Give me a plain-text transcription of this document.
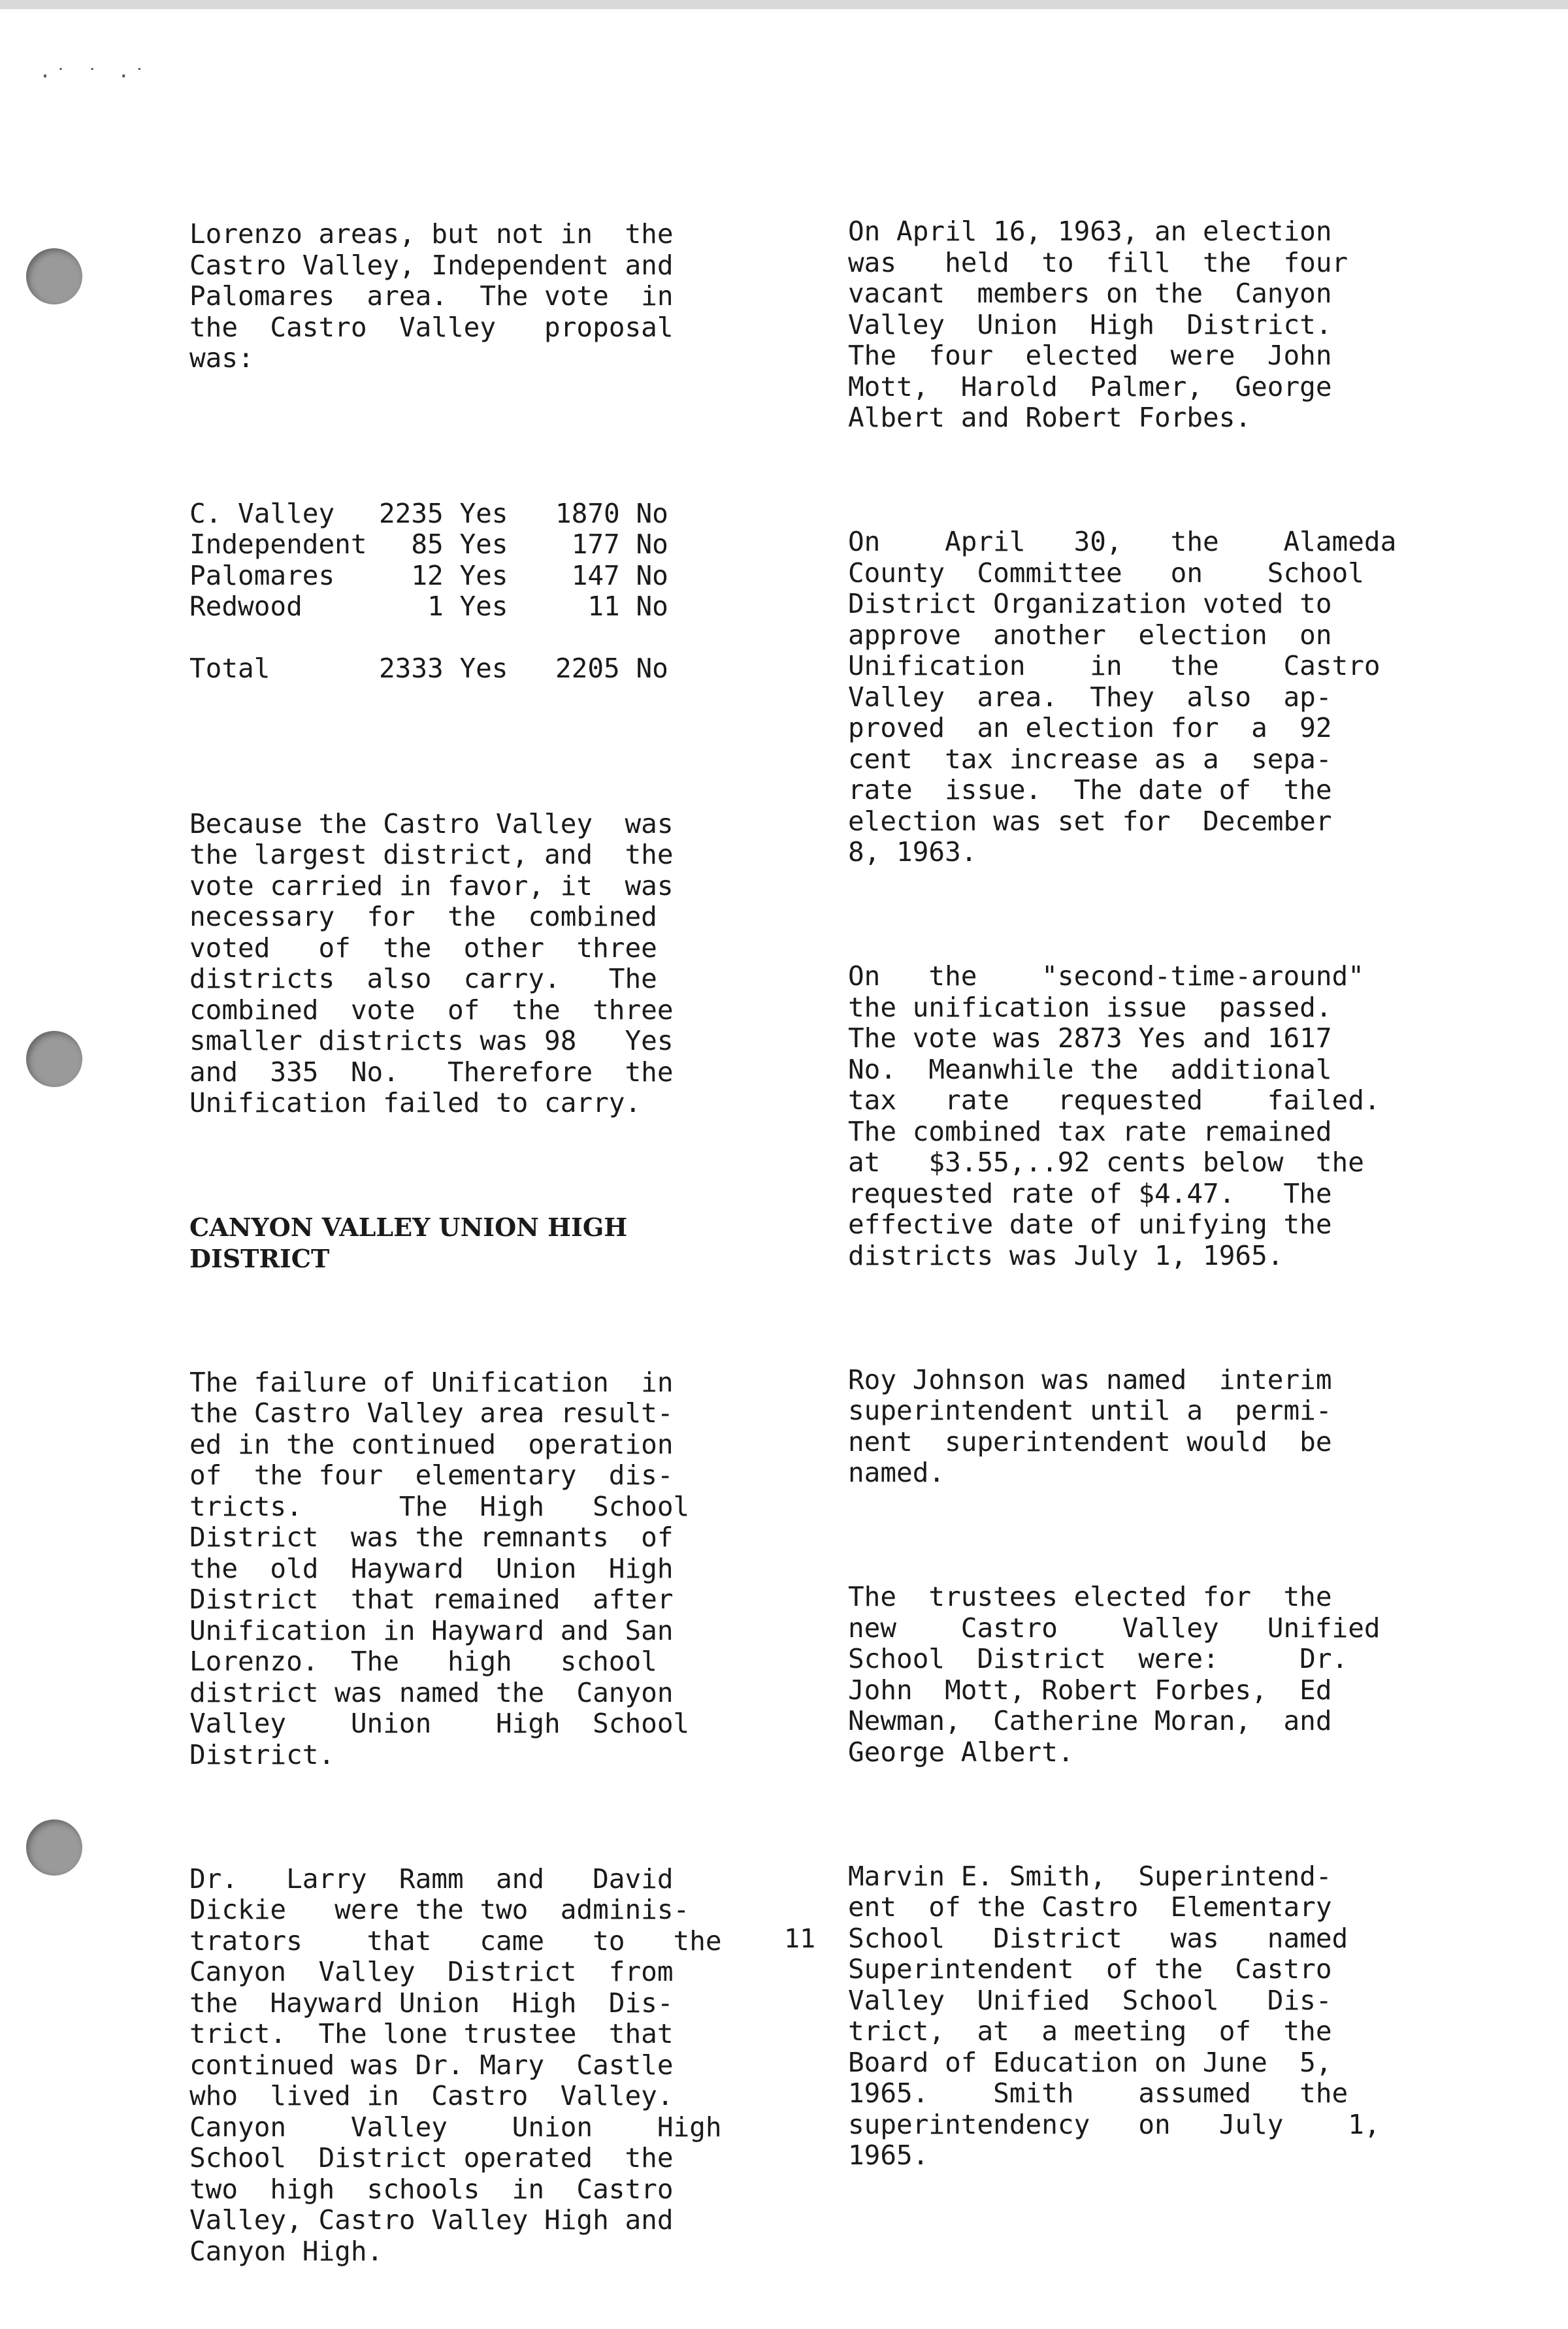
·˙ ˙ ·˙

Lorenzo areas, but not in  the
Castro Valley, Independent and
Palomares  area.  The vote  in
the  Castro  Valley   proposal
was:

C. Valley	2235	Yes	1870	No
Independent	85	Yes	177	No
Palomares	12	Yes	147	No
Redwood	1	Yes	11	No
Total	2333	Yes	2205	No

Because the Castro Valley  was
the largest district, and  the
vote carried in favor, it  was
necessary  for  the  combined
voted   of  the  other  three
districts  also  carry.   The
combined  vote  of  the  three
smaller districts was 98   Yes
and  335  No.   Therefore  the
Unification failed to carry.

CANYON VALLEY UNION HIGH
DISTRICT

The failure of Unification  in
the Castro Valley area result-
ed in the continued  operation
of  the four  elementary  dis-
tricts.      The  High   School
District  was the remnants  of
the  old  Hayward  Union  High
District  that remained  after
Unification in Hayward and San
Lorenzo.  The   high   school
district was named the  Canyon
Valley    Union    High  School
District.

Dr.   Larry  Ramm  and   David
Dickie   were the two  adminis-
trators    that   came   to   the
Canyon  Valley  District  from
the  Hayward Union  High  Dis-
trict.  The lone trustee  that
continued was Dr. Mary  Castle
who  lived in  Castro  Valley.
Canyon    Valley    Union    High
School  District operated  the
two  high  schools  in  Castro
Valley, Castro Valley High and
Canyon High.

On April 16, 1963, an election
was   held  to  fill  the  four
vacant  members on the  Canyon
Valley  Union  High  District.
The  four  elected  were  John
Mott,  Harold  Palmer,  George
Albert and Robert Forbes.

On    April   30,   the    Alameda
County  Committee   on    School
District Organization voted to
approve  another  election  on
Unification    in   the    Castro
Valley  area.  They  also  ap-
proved  an election for  a  92
cent  tax increase as a  sepa-
rate  issue.  The date of  the
election was set for  December
8, 1963.

On   the    "second-time-around"
the unification issue  passed.
The vote was 2873 Yes and 1617
No.  Meanwhile the  additional
tax   rate   requested    failed.
The combined tax rate remained
at   $3.55,..92 cents below  the
requested rate of $4.47.   The
effective date of unifying the
districts was July 1, 1965.

Roy Johnson was named  interim
superintendent until a  permi-
nent  superintendent would  be
named.

The  trustees elected for  the
new    Castro    Valley   Unified
School  District  were:     Dr.
John  Mott, Robert Forbes,  Ed
Newman,  Catherine Moran,  and
George Albert.

Marvin E. Smith,  Superintend-
ent  of the Castro  Elementary
School   District   was   named
Superintendent  of the  Castro
Valley  Unified  School   Dis-
trict,  at  a meeting  of  the
Board of Education on June  5,
1965.    Smith    assumed   the
superintendency   on   July    1,
1965.

11
